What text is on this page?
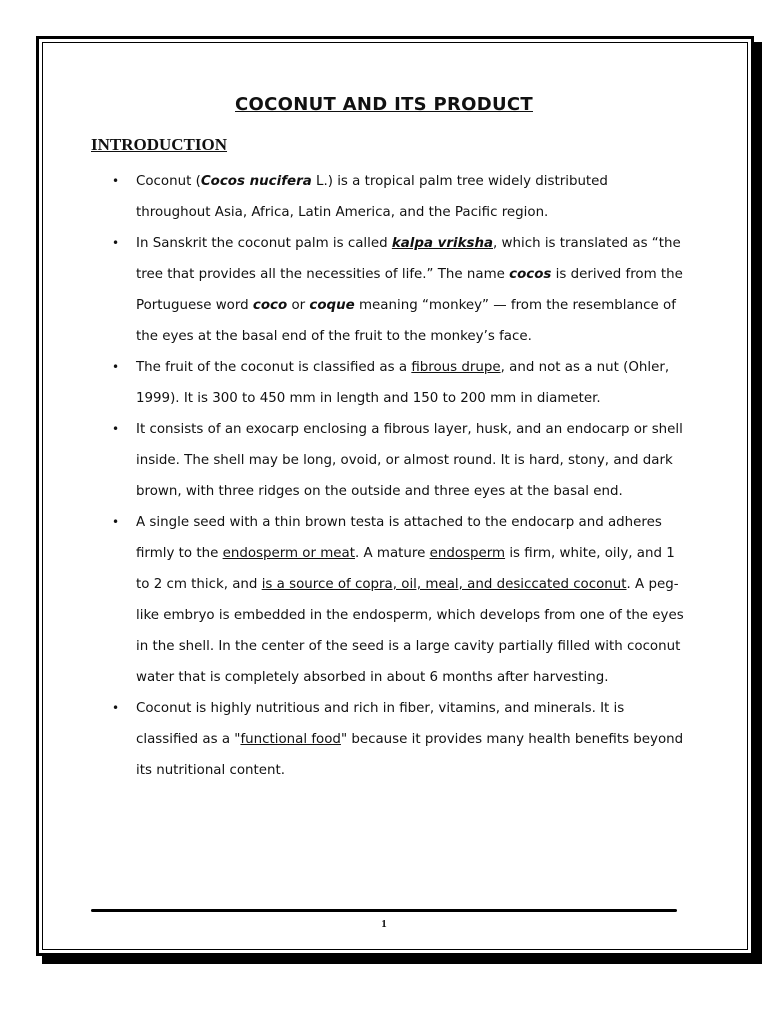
COCONUT AND ITS PRODUCT
INTRODUCTION
• Coconut (Cocos nucifera L.) is a tropical palm tree widely distributed throughout Asia, Africa, Latin America, and the Pacific region.
• In Sanskrit the coconut palm is called kalpa vriksha, which is translated as “the tree that provides all the necessities of life.” The name cocos is derived from the Portuguese word coco or coque meaning “monkey” — from the resemblance of the eyes at the basal end of the fruit to the monkey’s face.
• The fruit of the coconut is classified as a fibrous drupe, and not as a nut (Ohler, 1999). It is 300 to 450 mm in length and 150 to 200 mm in diameter.
• It consists of an exocarp enclosing a fibrous layer, husk, and an endocarp or shell inside. The shell may be long, ovoid, or almost round. It is hard, stony, and dark brown, with three ridges on the outside and three eyes at the basal end.
• A single seed with a thin brown testa is attached to the endocarp and adheres firmly to the endosperm or meat. A mature endosperm is firm, white, oily, and 1 to 2 cm thick, and is a source of copra, oil, meal, and desiccated coconut. A peg-like embryo is embedded in the endosperm, which develops from one of the eyes in the shell. In the center of the seed is a large cavity partially filled with coconut water that is completely absorbed in about 6 months after harvesting.
• Coconut is highly nutritious and rich in fiber, vitamins, and minerals. It is classified as a "functional food" because it provides many health benefits beyond its nutritional content.
1
